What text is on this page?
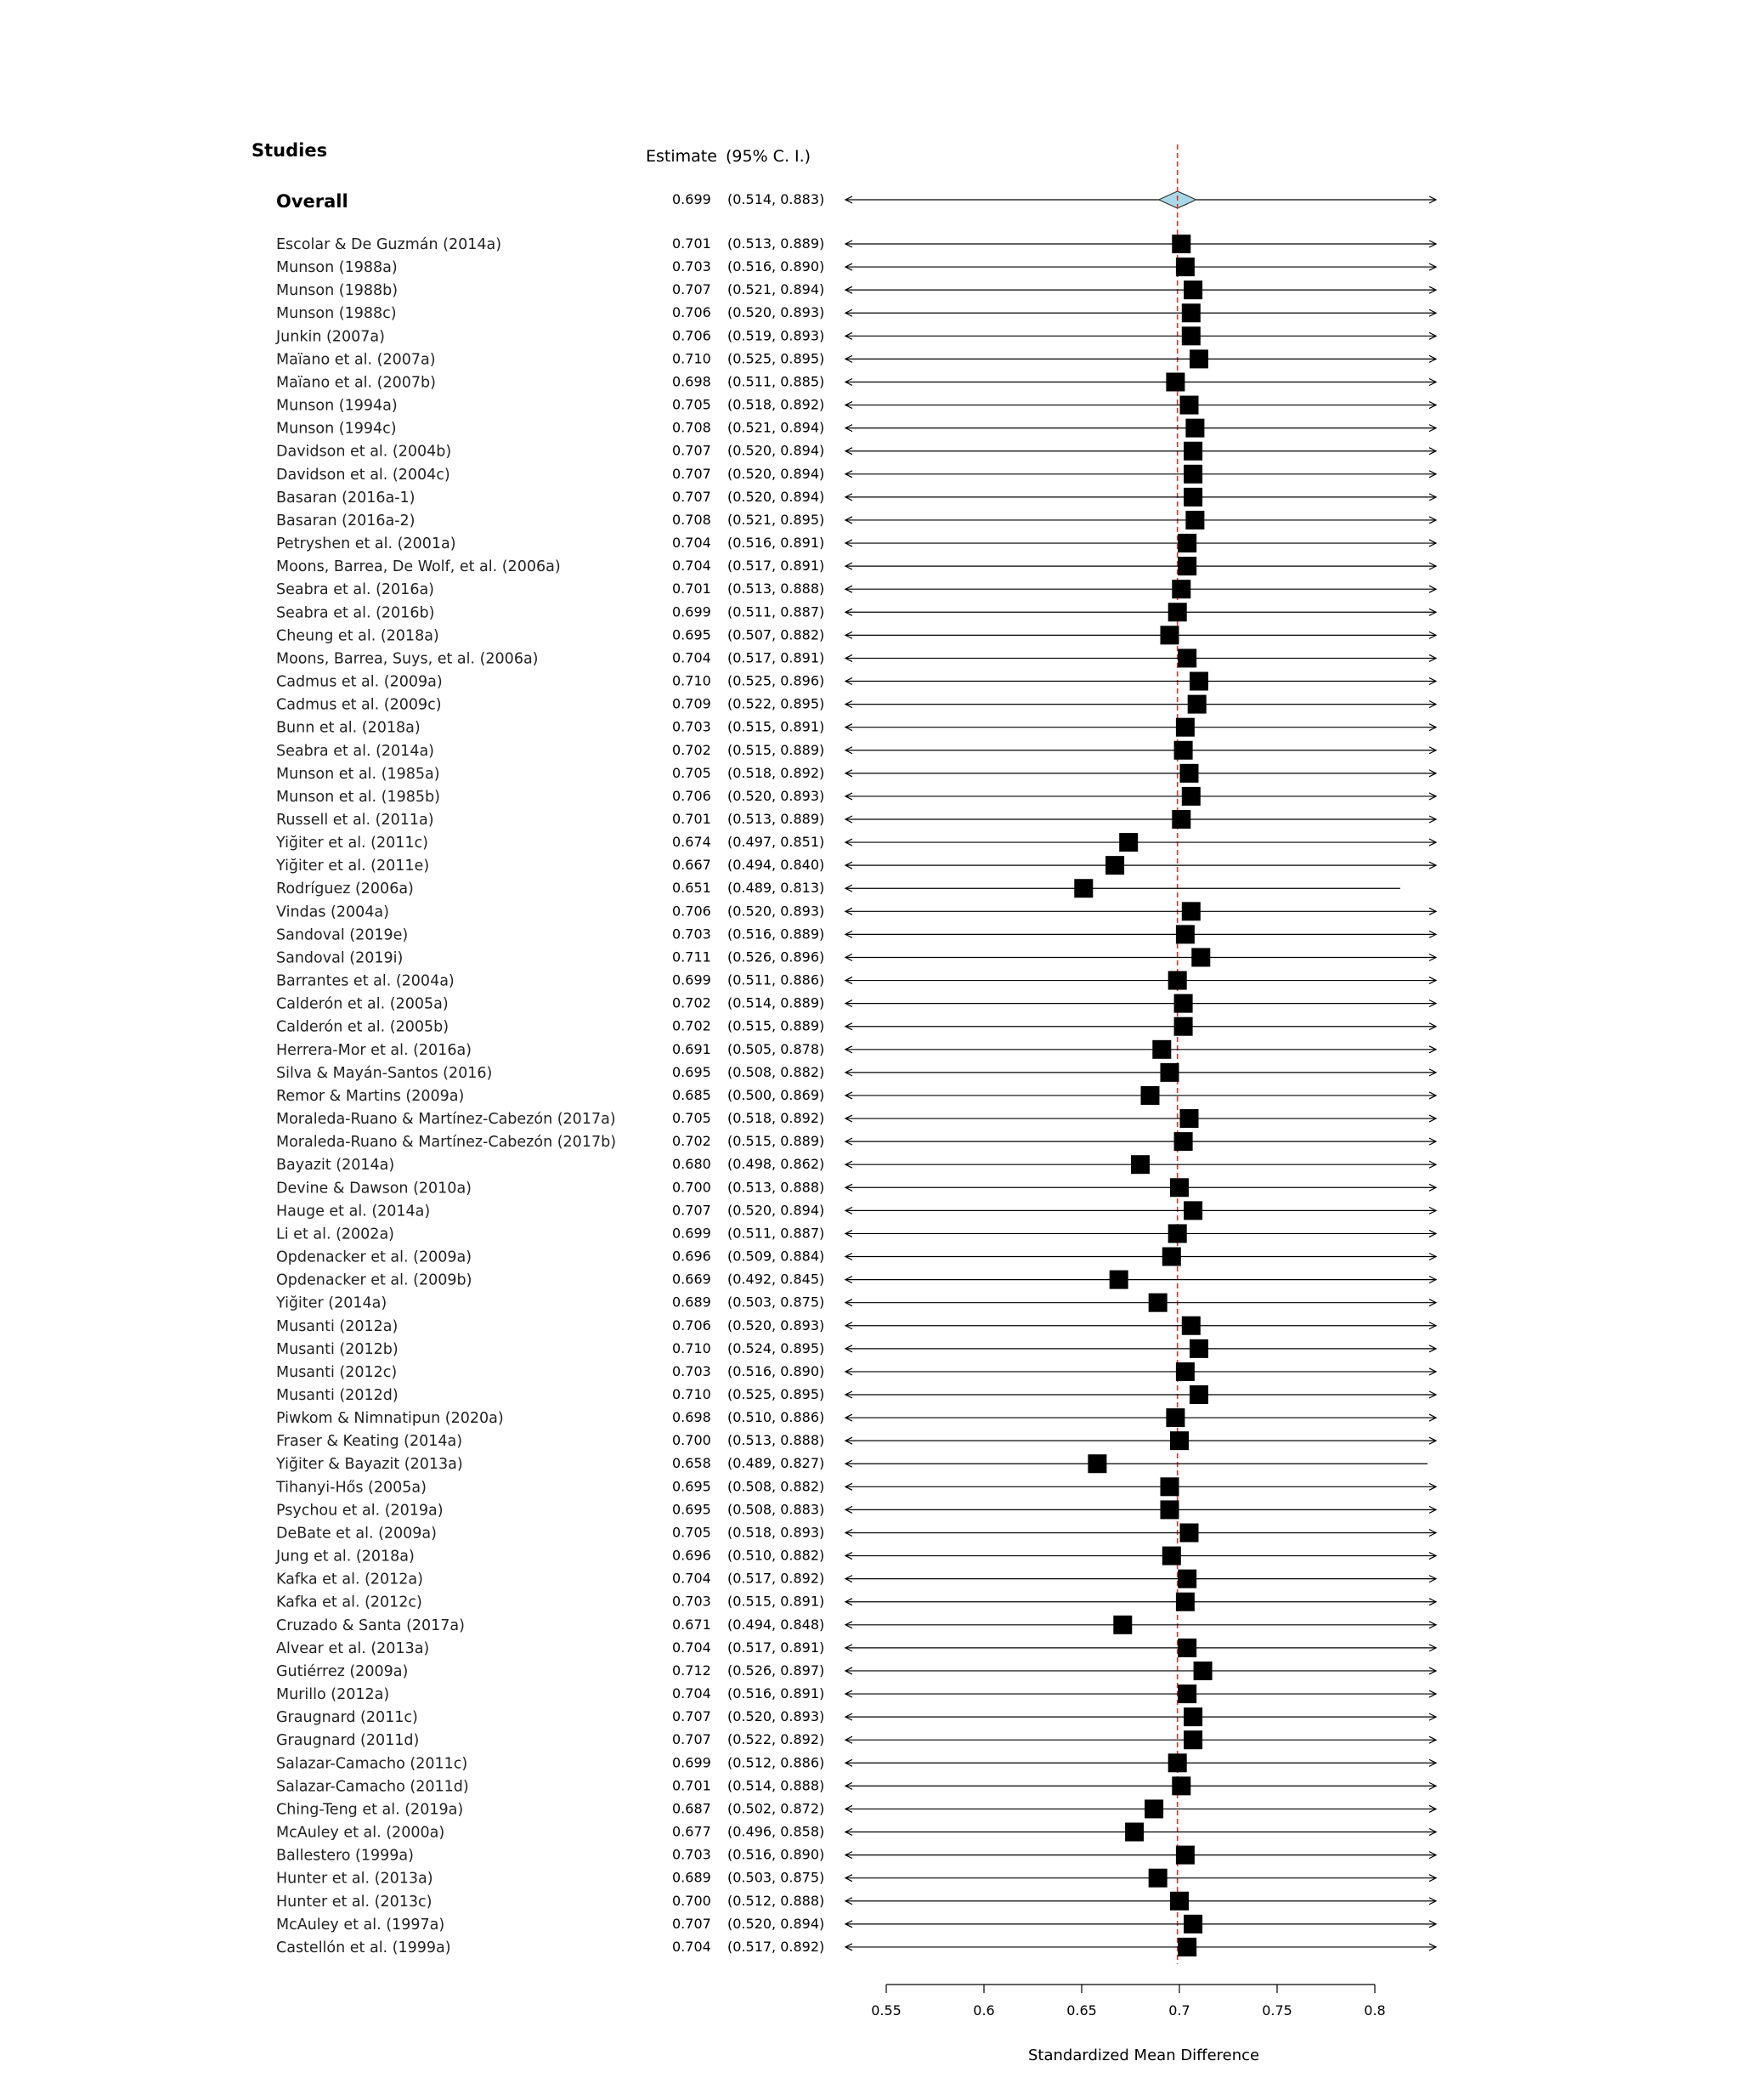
Studies	Estimate (95% C. I.)
Overall	0.699 (0.514, 0.883)
Escolar & De Guzmán (2014a)	0.701 (0.513, 0.889)
Munson (1988a)	0.703 (0.516, 0.890)
Munson (1988b)	0.707 (0.521, 0.894)
Munson (1988c)	0.706 (0.520, 0.893)
Junkin (2007a)	0.706 (0.519, 0.893)
Maïano et al. (2007a)	0.710 (0.525, 0.895)
Maïano et al. (2007b)	0.698 (0.511, 0.885)
Munson (1994a)	0.705 (0.518, 0.892)
Munson (1994c)	0.708 (0.521, 0.894)
Davidson et al. (2004b)	0.707 (0.520, 0.894)
Davidson et al. (2004c)	0.707 (0.520, 0.894)
Basaran (2016a-1)	0.707 (0.520, 0.894)
Basaran (2016a-2)	0.708 (0.521, 0.895)
Petryshen et al. (2001a)	0.704 (0.516, 0.891)
Moons, Barrea, De Wolf, et al. (2006a)	0.704 (0.517, 0.891)
Seabra et al. (2016a)	0.701 (0.513, 0.888)
Seabra et al. (2016b)	0.699 (0.511, 0.887)
Cheung et al. (2018a)	0.695 (0.507, 0.882)
Moons, Barrea, Suys, et al. (2006a)	0.704 (0.517, 0.891)
Cadmus et al. (2009a)	0.710 (0.525, 0.896)
Cadmus et al. (2009c)	0.709 (0.522, 0.895)
Bunn et al. (2018a)	0.703 (0.515, 0.891)
Seabra et al. (2014a)	0.702 (0.515, 0.889)
Munson et al. (1985a)	0.705 (0.518, 0.892)
Munson et al. (1985b)	0.706 (0.520, 0.893)
Russell et al. (2011a)	0.701 (0.513, 0.889)
Yiğiter et al. (2011c)	0.674 (0.497, 0.851)
Yiğiter et al. (2011e)	0.667 (0.494, 0.840)
Rodríguez (2006a)	0.651 (0.489, 0.813)
Vindas (2004a)	0.706 (0.520, 0.893)
Sandoval (2019e)	0.703 (0.516, 0.889)
Sandoval (2019i)	0.711 (0.526, 0.896)
Barrantes et al. (2004a)	0.699 (0.511, 0.886)
Calderón et al. (2005a)	0.702 (0.514, 0.889)
Calderón et al. (2005b)	0.702 (0.515, 0.889)
Herrera-Mor et al. (2016a)	0.691 (0.505, 0.878)
Silva & Mayán-Santos (2016)	0.695 (0.508, 0.882)
Remor & Martins (2009a)	0.685 (0.500, 0.869)
Moraleda-Ruano & Martínez-Cabezón (2017a)	0.705 (0.518, 0.892)
Moraleda-Ruano & Martínez-Cabezón (2017b)	0.702 (0.515, 0.889)
Bayazit (2014a)	0.680 (0.498, 0.862)
Devine & Dawson (2010a)	0.700 (0.513, 0.888)
Hauge et al. (2014a)	0.707 (0.520, 0.894)
Li et al. (2002a)	0.699 (0.511, 0.887)
Opdenacker et al. (2009a)	0.696 (0.509, 0.884)
Opdenacker et al. (2009b)	0.669 (0.492, 0.845)
Yiğiter (2014a)	0.689 (0.503, 0.875)
Musanti (2012a)	0.706 (0.520, 0.893)
Musanti (2012b)	0.710 (0.524, 0.895)
Musanti (2012c)	0.703 (0.516, 0.890)
Musanti (2012d)	0.710 (0.525, 0.895)
Piwkom & Nimnatipun (2020a)	0.698 (0.510, 0.886)
Fraser & Keating (2014a)	0.700 (0.513, 0.888)
Yiğiter & Bayazit (2013a)	0.658 (0.489, 0.827)
Tihanyi-Hős (2005a)	0.695 (0.508, 0.882)
Psychou et al. (2019a)	0.695 (0.508, 0.883)
DeBate et al. (2009a)	0.705 (0.518, 0.893)
Jung et al. (2018a)	0.696 (0.510, 0.882)
Kafka et al. (2012a)	0.704 (0.517, 0.892)
Kafka et al. (2012c)	0.703 (0.515, 0.891)
Cruzado & Santa (2017a)	0.671 (0.494, 0.848)
Alvear et al. (2013a)	0.704 (0.517, 0.891)
Gutiérrez (2009a)	0.712 (0.526, 0.897)
Murillo (2012a)	0.704 (0.516, 0.891)
Graugnard (2011c)	0.707 (0.520, 0.893)
Graugnard (2011d)	0.707 (0.522, 0.892)
Salazar-Camacho (2011c)	0.699 (0.512, 0.886)
Salazar-Camacho (2011d)	0.701 (0.514, 0.888)
Ching-Teng et al. (2019a)	0.687 (0.502, 0.872)
McAuley et al. (2000a)	0.677 (0.496, 0.858)
Ballestero (1999a)	0.703 (0.516, 0.890)
Hunter et al. (2013a)	0.689 (0.503, 0.875)
Hunter et al. (2013c)	0.700 (0.512, 0.888)
McAuley et al. (1997a)	0.707 (0.520, 0.894)
Castellón et al. (1999a)	0.704 (0.517, 0.892)
0.55	0.6	0.65	0.7	0.75	0.8
Standardized Mean Difference
